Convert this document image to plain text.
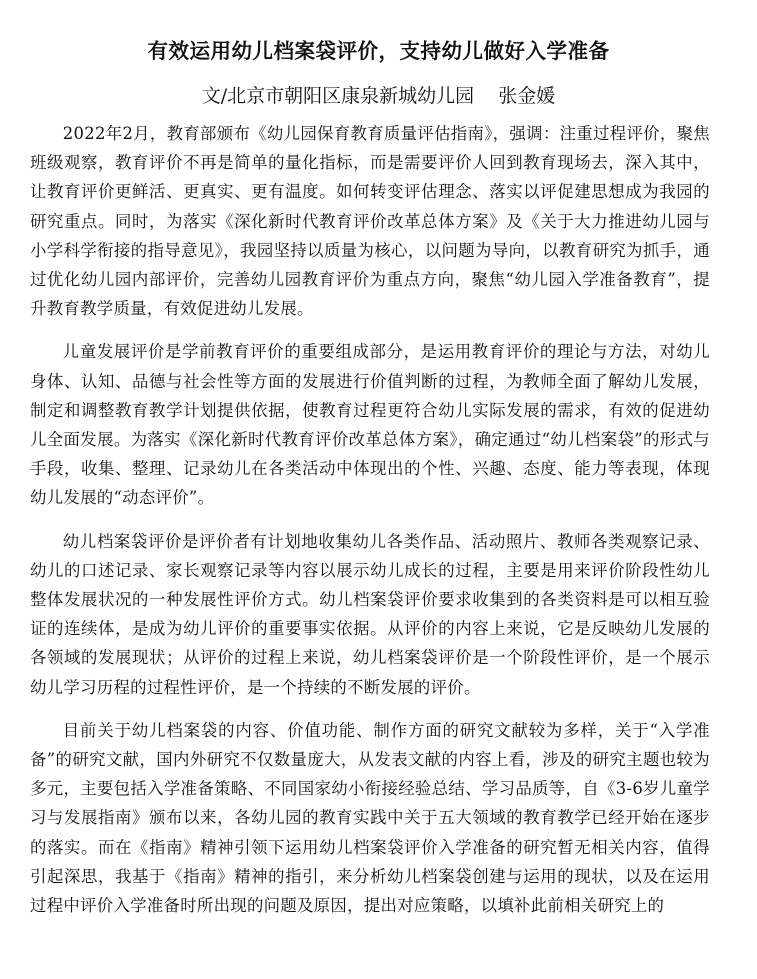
有效运用幼儿档案袋评价，支持幼儿做好入学准备

文/北京市朝阳区康泉新城幼儿园    张金媛

2022年2月，教育部颁布《幼儿园保育教育质量评估指南》，强调：注重过程评价，聚焦班级观察，教育评价不再是简单的量化指标，而是需要评价人回到教育现场去，深入其中，让教育评价更鲜活、更真实、更有温度。如何转变评估理念、落实以评促建思想成为我园的研究重点。同时，为落实《深化新时代教育评价改革总体方案》及《关于大力推进幼儿园与小学科学衔接的指导意见》，我园坚持以质量为核心，以问题为导向，以教育研究为抓手，通过优化幼儿园内部评价，完善幼儿园教育评价为重点方向，聚焦“幼儿园入学准备教育”，提升教育教学质量，有效促进幼儿发展。

儿童发展评价是学前教育评价的重要组成部分，是运用教育评价的理论与方法，对幼儿身体、认知、品德与社会性等方面的发展进行价值判断的过程，为教师全面了解幼儿发展，制定和调整教育教学计划提供依据，使教育过程更符合幼儿实际发展的需求，有效的促进幼儿全面发展。为落实《深化新时代教育评价改革总体方案》，确定通过“幼儿档案袋”的形式与手段，收集、整理、记录幼儿在各类活动中体现出的个性、兴趣、态度、能力等表现，体现幼儿发展的“动态评价”。

幼儿档案袋评价是评价者有计划地收集幼儿各类作品、活动照片、教师各类观察记录、幼儿的口述记录、家长观察记录等内容以展示幼儿成长的过程，主要是用来评价阶段性幼儿整体发展状况的一种发展性评价方式。幼儿档案袋评价要求收集到的各类资料是可以相互验证的连续体，是成为幼儿评价的重要事实依据。从评价的内容上来说，它是反映幼儿发展的各领域的发展现状；从评价的过程上来说，幼儿档案袋评价是一个阶段性评价，是一个展示幼儿学习历程的过程性评价，是一个持续的不断发展的评价。

目前关于幼儿档案袋的内容、价值功能、制作方面的研究文献较为多样，关于“入学准备”的研究文献，国内外研究不仅数量庞大，从发表文献的内容上看，涉及的研究主题也较为多元，主要包括入学准备策略、不同国家幼小衔接经验总结、学习品质等，自《3-6岁儿童学习与发展指南》颁布以来，各幼儿园的教育实践中关于五大领域的教育教学已经开始在逐步的落实。而在《指南》精神引领下运用幼儿档案袋评价入学准备的研究暂无相关内容，值得引起深思，我基于《指南》精神的指引，来分析幼儿档案袋创建与运用的现状，以及在运用过程中评价入学准备时所出现的问题及原因，提出对应策略，以填补此前相关研究上的
